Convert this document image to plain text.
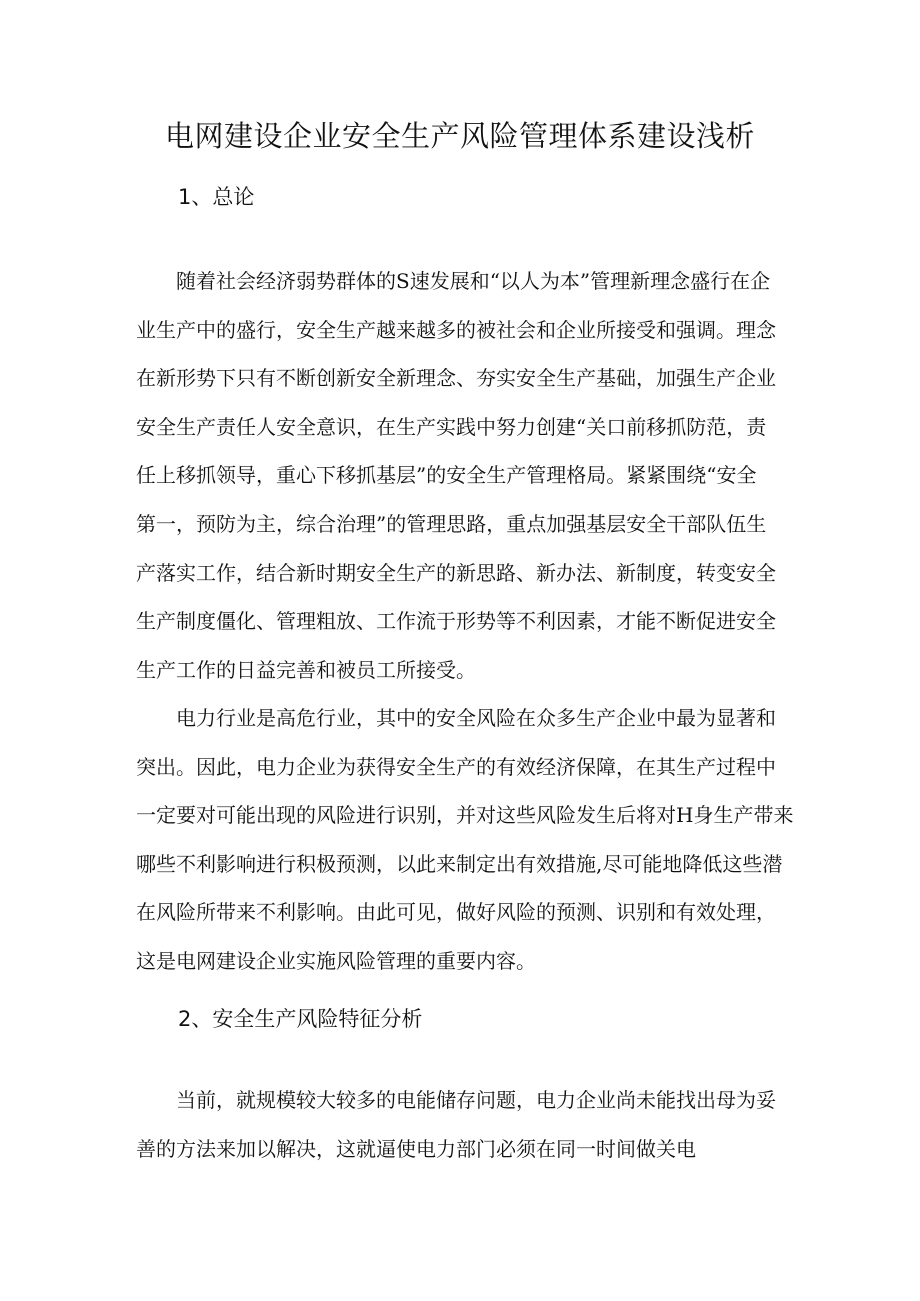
电网建设企业安全生产风险管理体系建设浅析
1、总论
　　随着社会经济弱势群体的S速发展和“以人为本”管理新理念盛行在企
业生产中的盛行，安全生产越来越多的被社会和企业所接受和强调。理念
在新形势下只有不断创新安全新理念、夯实安全生产基础，加强生产企业
安全生产责任人安全意识，在生产实践中努力创建“关口前移抓防范，责
任上移抓领导，重心下移抓基层”的安全生产管理格局。紧紧围绕“安全
第一，预防为主，综合治理”的管理思路，重点加强基层安全干部队伍生
产落实工作，结合新时期安全生产的新思路、新办法、新制度，转变安全
生产制度僵化、管理粗放、工作流于形势等不利因素，才能不断促进安全
生产工作的日益完善和被员工所接受。
　　电力行业是高危行业，其中的安全风险在众多生产企业中最为显著和
突出。因此，电力企业为获得安全生产的有效经济保障，在其生产过程中
一定要对可能出现的风险进行识别，并对这些风险发生后将对H身生产带来
哪些不利影响进行积极预测，以此来制定出有效措施,尽可能地降低这些潜
在风险所带来不利影响。由此可见，做好风险的预测、识别和有效处理，
这是电网建设企业实施风险管理的重要内容。
2、安全生产风险特征分析
　　当前，就规模较大较多的电能储存问题，电力企业尚未能找出母为妥
善的方法来加以解决，这就逼使电力部门必须在同一时间做关电
